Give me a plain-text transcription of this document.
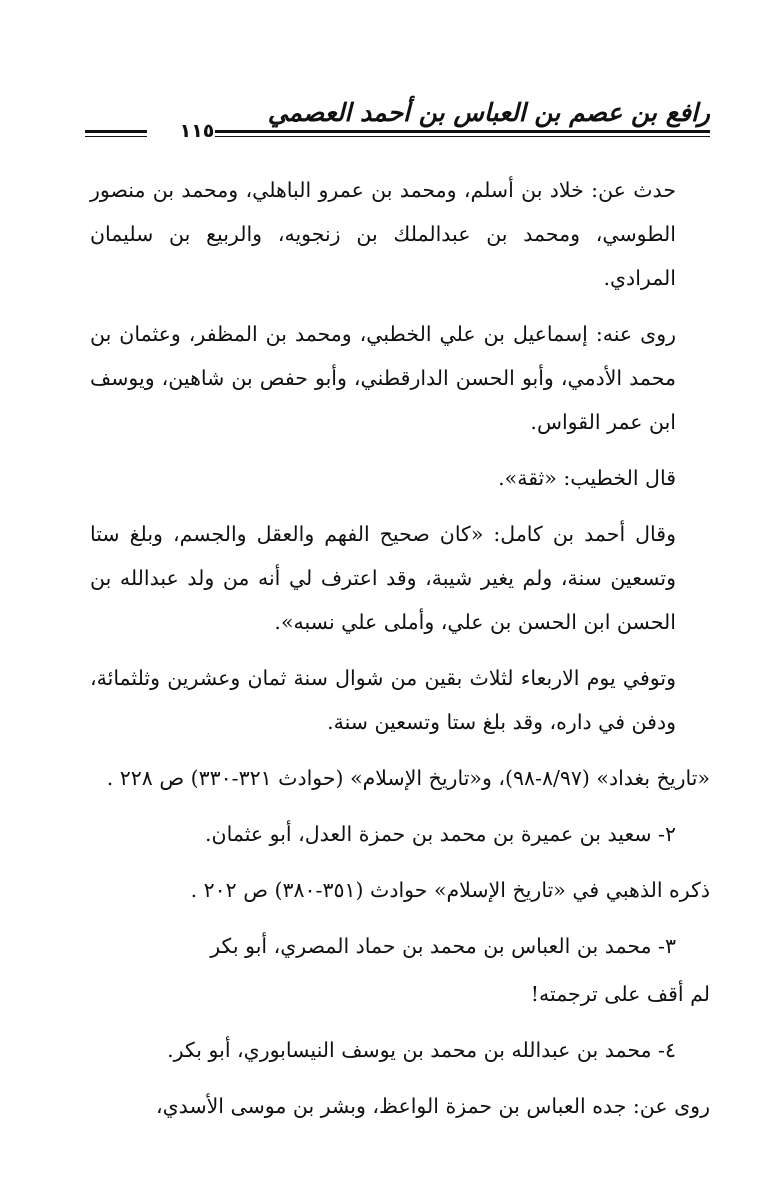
١١٥
رافع بن عصم بن العباس بن أحمد العصمي

حدث عن: خلاد بن أسلم، ومحمد بن عمرو الباهلي، ومحمد بن منصور الطوسي، ومحمد بن عبدالملك بن زنجويه، والربيع بن سليمان المرادي.

روى عنه: إسماعيل بن علي الخطبي، ومحمد بن المظفر، وعثمان بن محمد الأدمي، وأبو الحسن الدارقطني، وأبو حفص بن شاهين، ويوسف ابن عمر القواس.

قال الخطيب: «ثقة».

وقال أحمد بن كامل: «كان صحيح الفهم والعقل والجسم، وبلغ ستا وتسعين سنة، ولم يغير شيبة، وقد اعترف لي أنه من ولد عبدالله بن الحسن ابن الحسن بن علي، وأملى علي نسبه».

وتوفي يوم الاربعاء لثلاث بقين من شوال سنة ثمان وعشرين وثلثمائة، ودفن في داره، وقد بلغ ستا وتسعين سنة.

«تاريخ بغداد» (٨/٩٧-٩٨)، و«تاريخ الإسلام» (حوادث ٣٢١-٣٣٠) ص ٢٢٨ .

٢- سعيد بن عميرة بن محمد بن حمزة العدل، أبو عثمان.

ذكره الذهبي في «تاريخ الإسلام» حوادث (٣٥١-٣٨٠) ص ٢٠٢ .

٣- محمد بن العباس بن محمد بن حماد المصري، أبو بكر

لم أقف على ترجمته!

٤- محمد بن عبدالله بن محمد بن يوسف النيسابوري، أبو بكر.

روى عن: جده العباس بن حمزة الواعظ، وبشر بن موسى الأسدي،
